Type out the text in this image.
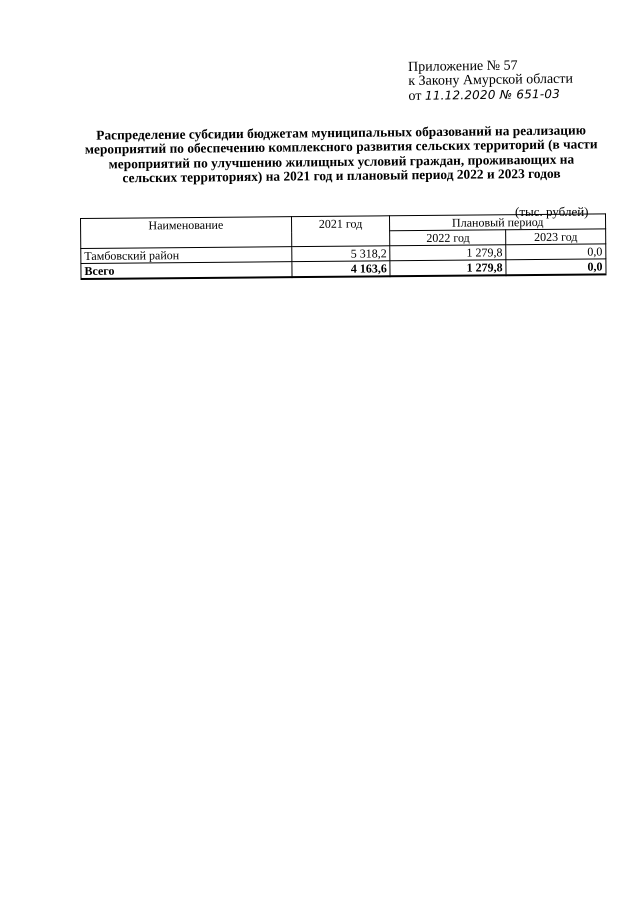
Приложение № 57
к Закону Амурской области
от 11.12.2020 № 651-03
Распределение субсидии бюджетам муниципальных образований на реализацию мероприятий по обеспечению комплексного развития сельских территорий (в части мероприятий по улучшению жилищных условий граждан, проживающих на сельских территориях) на 2021 год и плановый период 2022 и 2023 годов
(тыс. рублей)
Наименование	2021 год	Плановый период	
		2022 год	2023 год
Тамбовский район	5 318,2	1 279,8	0,0
Всего	4 163,6	1 279,8	0,0
